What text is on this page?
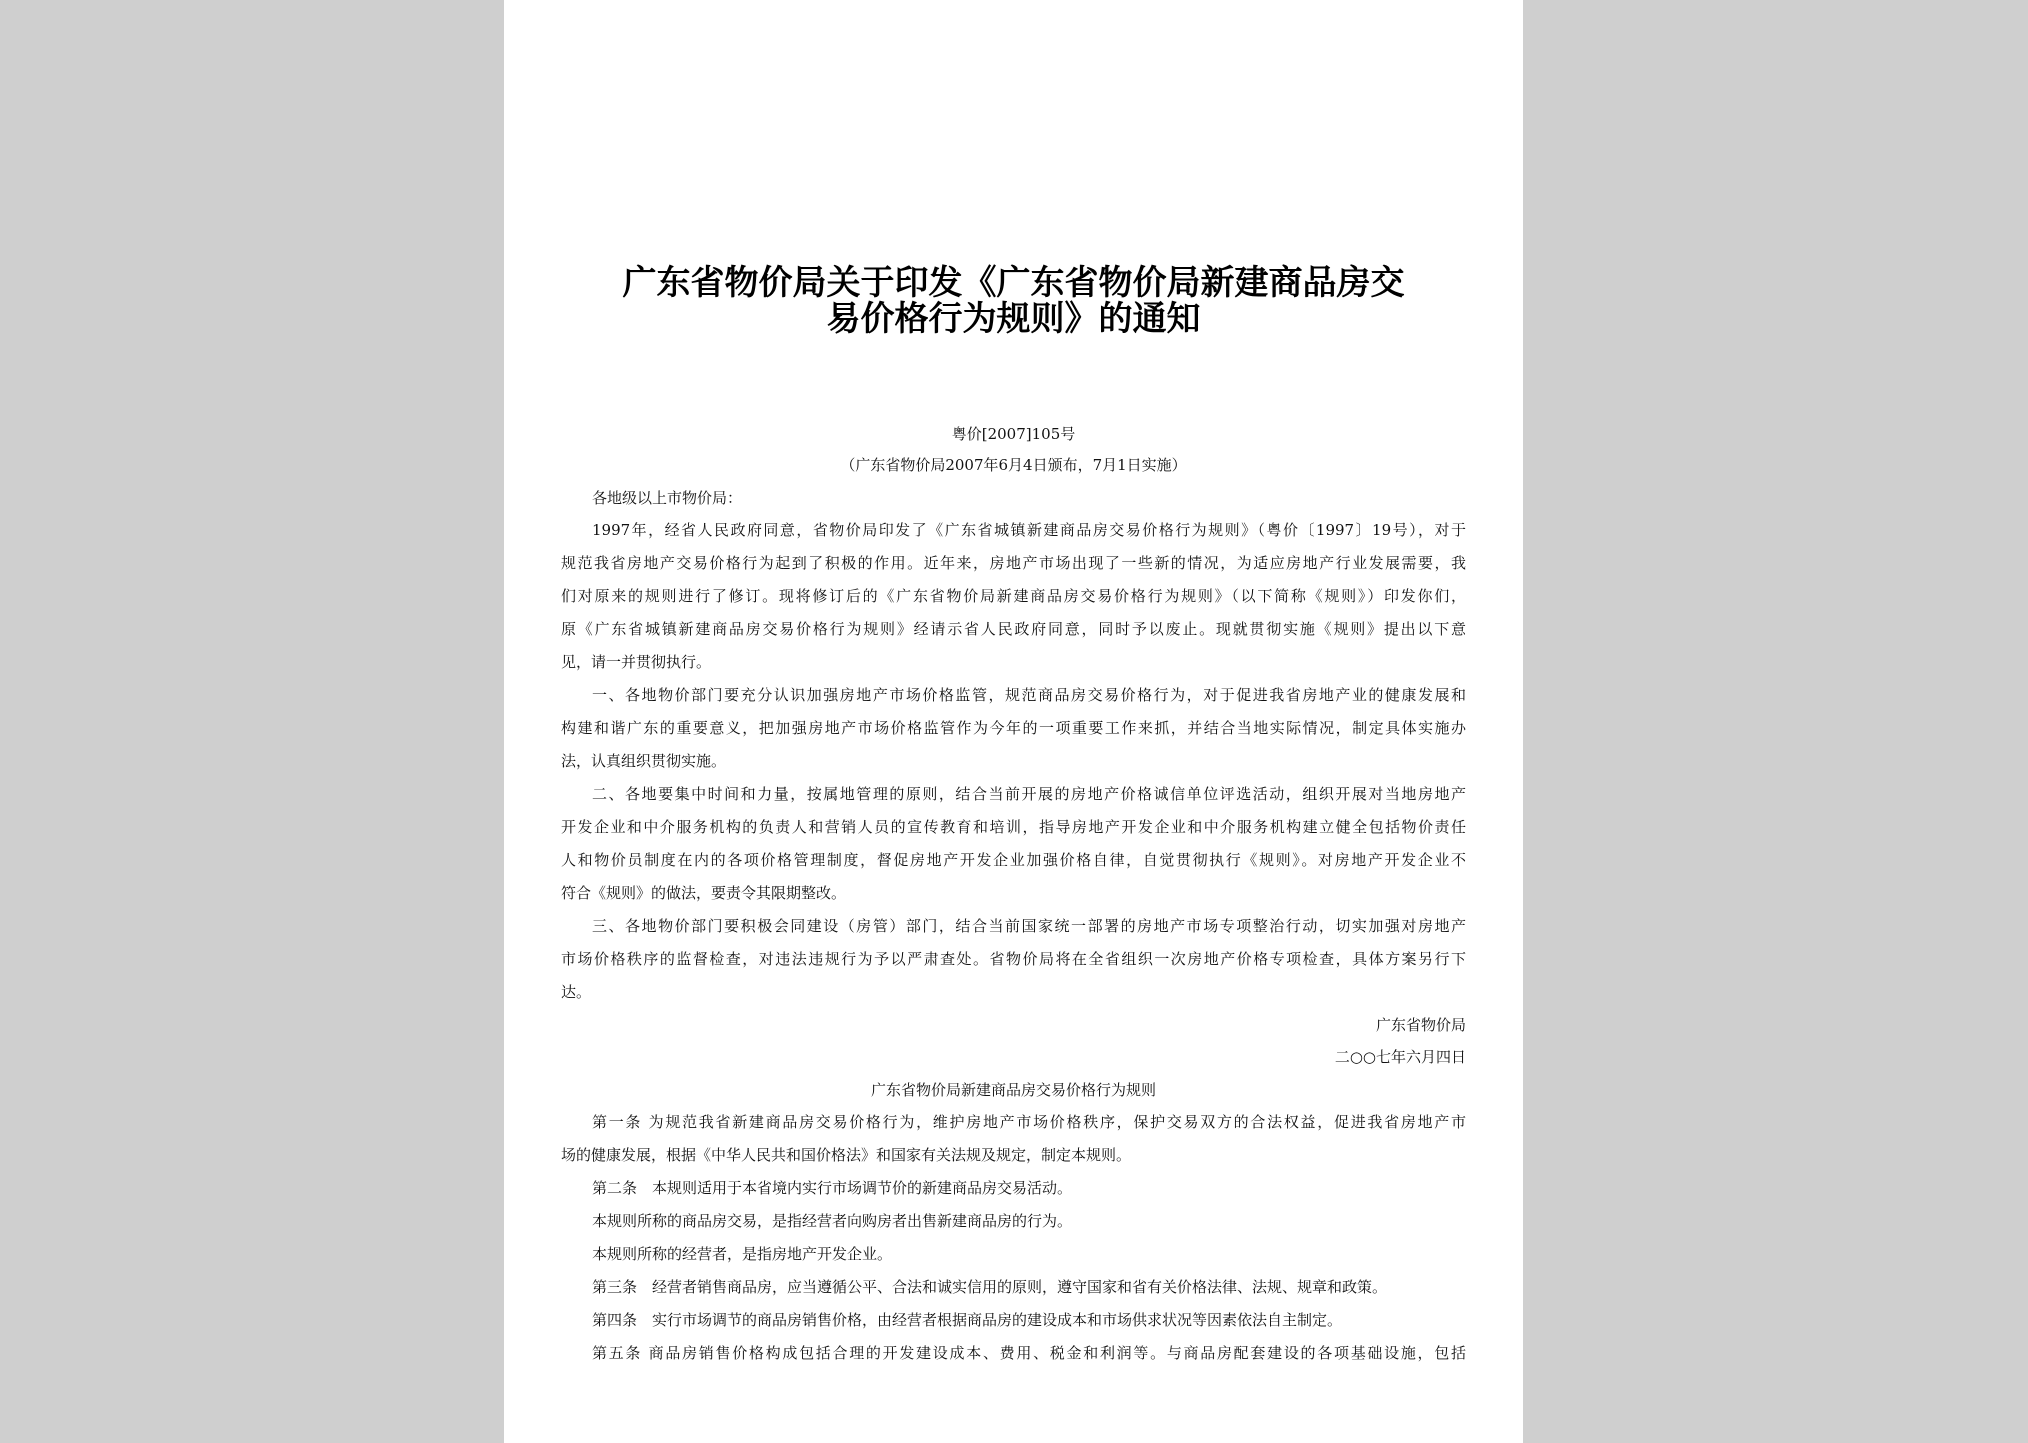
广东省物价局关于印发《广东省物价局新建商品房交
易价格行为规则》的通知
粤价[2007]105号
（广东省物价局2007年6月4日颁布，7月1日实施）
各地级以上市物价局：
1997年，经省人民政府同意，省物价局印发了《广东省城镇新建商品房交易价格行为规则》（粤价〔1997〕19号），对于
规范我省房地产交易价格行为起到了积极的作用。近年来，房地产市场出现了一些新的情况，为适应房地产行业发展需要，我
们对原来的规则进行了修订。现将修订后的《广东省物价局新建商品房交易价格行为规则》（以下简称《规则》）印发你们，
原《广东省城镇新建商品房交易价格行为规则》经请示省人民政府同意，同时予以废止。现就贯彻实施《规则》提出以下意
见，请一并贯彻执行。
一、各地物价部门要充分认识加强房地产市场价格监管，规范商品房交易价格行为，对于促进我省房地产业的健康发展和
构建和谐广东的重要意义，把加强房地产市场价格监管作为今年的一项重要工作来抓，并结合当地实际情况，制定具体实施办
法，认真组织贯彻实施。
二、各地要集中时间和力量，按属地管理的原则，结合当前开展的房地产价格诚信单位评选活动，组织开展对当地房地产
开发企业和中介服务机构的负责人和营销人员的宣传教育和培训，指导房地产开发企业和中介服务机构建立健全包括物价责任
人和物价员制度在内的各项价格管理制度，督促房地产开发企业加强价格自律，自觉贯彻执行《规则》。对房地产开发企业不
符合《规则》的做法，要责令其限期整改。
三、各地物价部门要积极会同建设（房管）部门，结合当前国家统一部署的房地产市场专项整治行动，切实加强对房地产
市场价格秩序的监督检查，对违法违规行为予以严肃查处。省物价局将在全省组织一次房地产价格专项检查，具体方案另行下
达。
广东省物价局
二○○七年六月四日
广东省物价局新建商品房交易价格行为规则
第一条 为规范我省新建商品房交易价格行为，维护房地产市场价格秩序，保护交易双方的合法权益，促进我省房地产市
场的健康发展，根据《中华人民共和国价格法》和国家有关法规及规定，制定本规则。
第二条　本规则适用于本省境内实行市场调节价的新建商品房交易活动。
本规则所称的商品房交易，是指经营者向购房者出售新建商品房的行为。
本规则所称的经营者，是指房地产开发企业。
第三条　经营者销售商品房，应当遵循公平、合法和诚实信用的原则，遵守国家和省有关价格法律、法规、规章和政策。
第四条　实行市场调节的商品房销售价格，由经营者根据商品房的建设成本和市场供求状况等因素依法自主制定。
第五条 商品房销售价格构成包括合理的开发建设成本、费用、税金和利润等。与商品房配套建设的各项基础设施，包括
